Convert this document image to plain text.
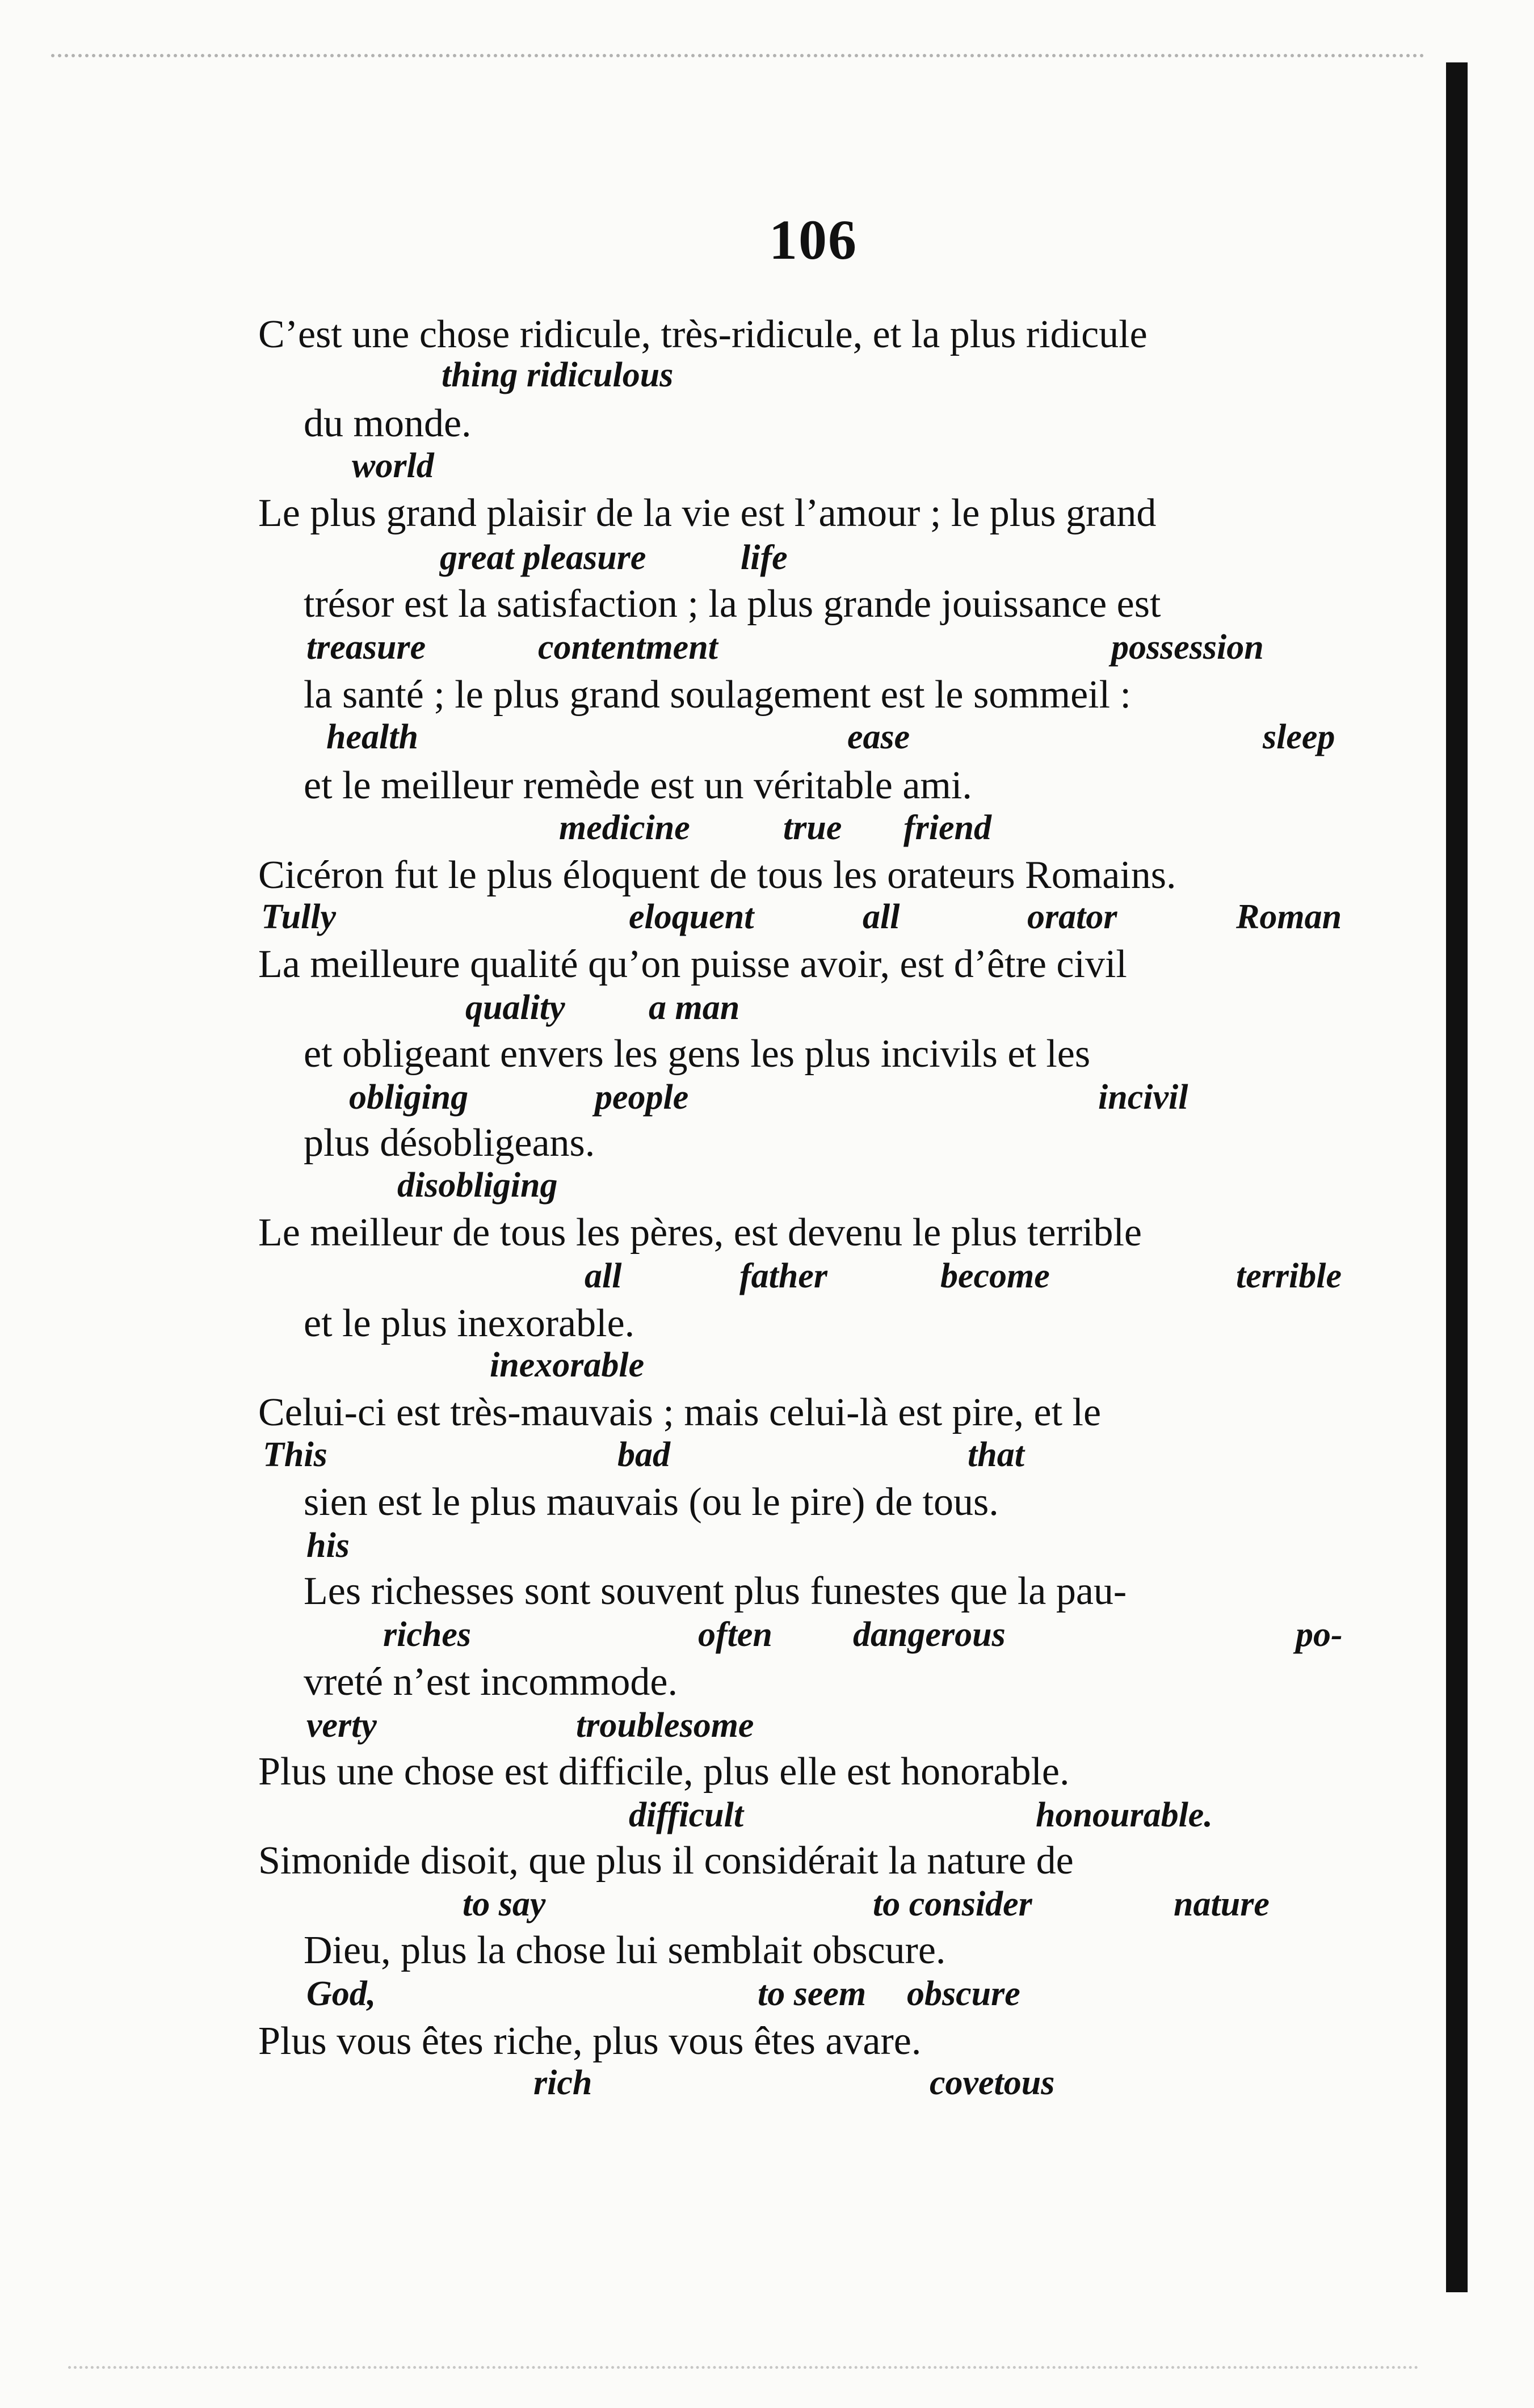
106
C’est une chose ridicule, très-ridicule, et la plus ridicule
thing ridiculous
du monde.
world
Le plus grand plaisir de la vie est l’amour ; le plus grand
great pleasure	life
trésor est la satisfaction ; la plus grande jouissance est
treasure	contentment	possession
la santé ; le plus grand soulagement est le sommeil :
health	ease	sleep
et le meilleur remède est un véritable ami.
medicine	true friend
Cicéron fut le plus éloquent de tous les orateurs Romains.
Tully	eloquent	all	orator	Roman
La meilleure qualité qu’on puisse avoir, est d’être civil
quality a man
et obligeant envers les gens les plus incivils et les
obliging	people	incivil
plus désobligeans.
disobliging
Le meilleur de tous les pères, est devenu le plus terrible
all	father	become	terrible
et le plus inexorable.
inexorable
Celui-ci est très-mauvais ; mais celui-là est pire, et le
This	bad	that
sien est le plus mauvais (ou le pire) de tous.
his
Les richesses sont souvent plus funestes que la pau-
riches	often dangerous	po-
vreté n’est incommode.
verty	troublesome
Plus une chose est difficile, plus elle est honorable.
difficult	honourable.
Simonide disoit, que plus il considérait la nature de
to say	to consider	nature
Dieu, plus la chose lui semblait obscure.
God,	to seem obscure
Plus vous êtes riche, plus vous êtes avare.
rich	covetous
